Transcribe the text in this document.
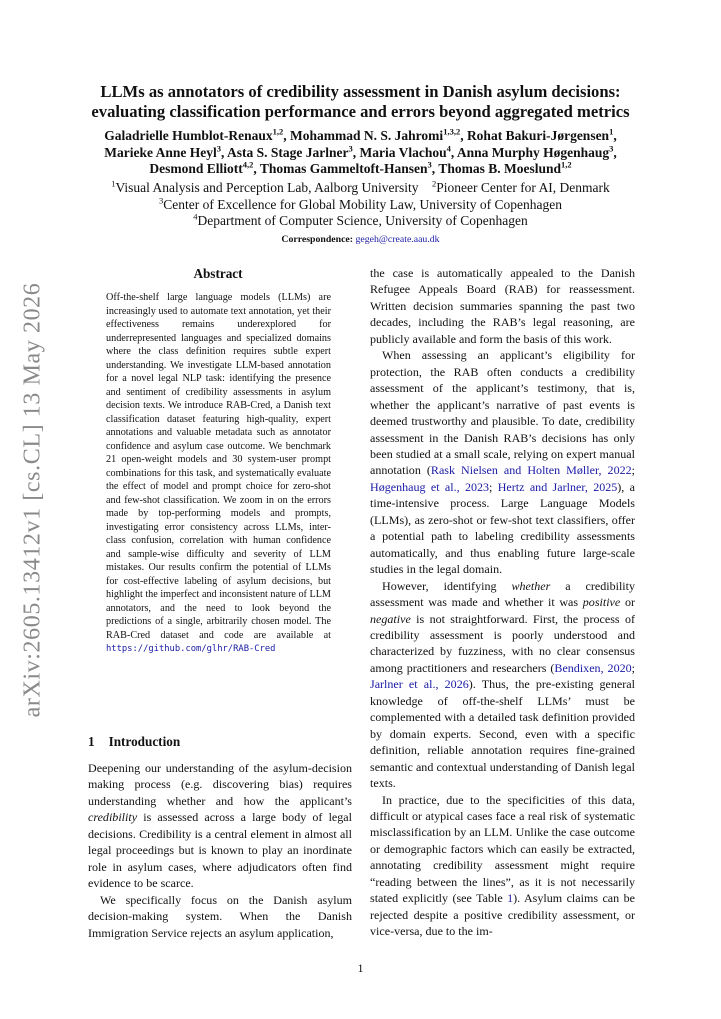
arXiv:2605.13412v1 [cs.CL] 13 May 2026
LLMs as annotators of credibility assessment in Danish asylum decisions:
evaluating classification performance and errors beyond aggregated metrics
Galadrielle Humblot-Renaux$^{1,2}$, Mohammad N. S. Jahromi$^{1,3,2}$, Rohat Bakuri-Jørgensen$^1$,
Marieke Anne Heyl$^3$, Asta S. Stage Jarlner$^3$, Maria Vlachou$^4$, Anna Murphy Høgenhaug$^3$,
Desmond Elliott$^{4,2}$, Thomas Gammeltoft-Hansen$^3$, Thomas B. Moeslund$^{1,2}$
$^1$Visual Analysis and Perception Lab, Aalborg University $^2$Pioneer Center for AI, Denmark
$^3$Center of Excellence for Global Mobility Law, University of Copenhagen
$^4$Department of Computer Science, University of Copenhagen
Correspondence: gegeh@create.aau.dk
Abstract

Off-the-shelf large language models (LLMs) are increasingly used to automate text annotation, yet their effectiveness remains underexplored for underrepresented languages and specialized domains where the class definition requires subtle expert understanding. We investigate LLM-based annotation for a novel legal NLP task: identifying the presence and sentiment of credibility assessments in asylum decision texts. We introduce RAB-Cred, a Danish text classification dataset featuring high-quality, expert annotations and valuable metadata such as annotator confidence and asylum case outcome. We benchmark 21 open-weight models and 30 system-user prompt combinations for this task, and systematically evaluate the effect of model and prompt choice for zero-shot and few-shot classification. We zoom in on the errors made by top-performing models and prompts, investigating error consistency across LLMs, inter-class confusion, correlation with human confidence and sample-wise difficulty and severity of LLM mistakes. Our results confirm the potential of LLMs for cost-effective labeling of asylum decisions, but highlight the imperfect and inconsistent nature of LLM annotators, and the need to look beyond the predictions of a single, arbitrarily chosen model. The RAB-Cred dataset and code are available at https://github.com/glhr/RAB-Cred

1 Introduction

Deepening our understanding of the asylum-decision making process (e.g. discovering bias) requires understanding whether and how the applicant’s credibility is assessed across a large body of legal decisions. Credibility is a central element in almost all legal proceedings but is known to play an inordinate role in asylum cases, where adjudicators often find evidence to be scarce.

We specifically focus on the Danish asylum decision-making system. When the Danish Immigration Service rejects an asylum application,

the case is automatically appealed to the Danish Refugee Appeals Board (RAB) for reassessment. Written decision summaries spanning the past two decades, including the RAB’s legal reasoning, are publicly available and form the basis of this work.

When assessing an applicant’s eligibility for protection, the RAB often conducts a credibility assessment of the applicant’s testimony, that is, whether the applicant’s narrative of past events is deemed trustworthy and plausible. To date, credibility assessment in the Danish RAB’s decisions has only been studied at a small scale, relying on expert manual annotation (Rask Nielsen and Holten Møller, 2022; Høgenhaug et al., 2023; Hertz and Jarlner, 2025), a time-intensive process. Large Language Models (LLMs), as zero-shot or few-shot text classifiers, offer a potential path to labeling credibility assessments automatically, and thus enabling future large-scale studies in the legal domain.

However, identifying whether a credibility assessment was made and whether it was positive or negative is not straightforward. First, the process of credibility assessment is poorly understood and characterized by fuzziness, with no clear consensus among practitioners and researchers (Bendixen, 2020; Jarlner et al., 2026). Thus, the pre-existing general knowledge of off-the-shelf LLMs’ must be complemented with a detailed task definition provided by domain experts. Second, even with a specific definition, reliable annotation requires fine-grained semantic and contextual understanding of Danish legal texts.

In practice, due to the specificities of this data, difficult or atypical cases face a real risk of systematic misclassification by an LLM. Unlike the case outcome or demographic factors which can easily be extracted, annotating credibility assessment might require “reading between the lines”, as it is not necessarily stated explicitly (see Table 1). Asylum claims can be rejected despite a positive credibility assessment, or vice-versa, due to the im-

1
